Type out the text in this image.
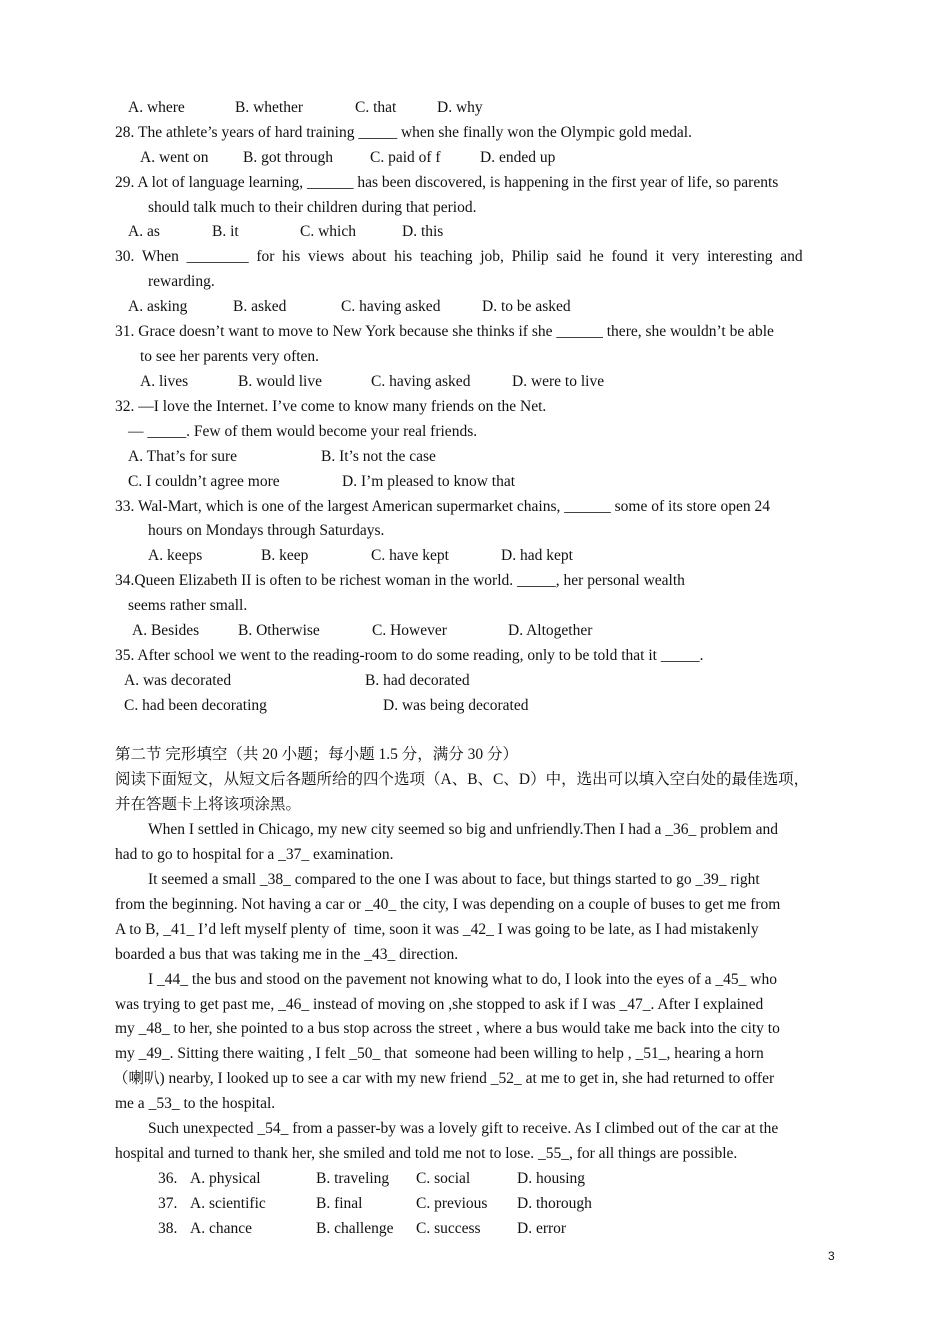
A. where	B. whether	C. that	D. why
28. The athlete’s years of hard training _____ when she finally won the Olympic gold medal.
A. went on B. got through C. paid of f	D. ended up
29. A lot of language learning, ______ has been discovered, is happening in the first year of life, so parents
should talk much to their children during that period.
A. as	B. it	C. which	D. this
30.  When  ________  for  his  views  about  his  teaching  job,  Philip  said  he  found  it  very  interesting  and
rewarding.
A. asking	B. asked	C. having asked	D. to be asked
31. Grace doesn’t want to move to New York because she thinks if she ______ there, she wouldn’t be able
to see her parents very often.
A. lives	B. would live	C. having asked	D. were to live
32. —I love the Internet. I’ve come to know many friends on the Net.
— _____. Few of them would become your real friends.
A. That’s for sure	B. It’s not the case
C. I couldn’t agree more	D. I’m pleased to know that
33. Wal-Mart, which is one of the largest American supermarket chains, ______ some of its store open 24
hours on Mondays through Saturdays.
A. keeps	B. keep	C. have kept	D. had kept
34.Queen Elizabeth II is often to be richest woman in the world. _____, her personal wealth
seems rather small.
A. Besides	B. Otherwise	C. However	D. Altogether
35. After school we went to the reading-room to do some reading, only to be told that it _____.
A. was decorated	B. had decorated
C. had been decorating	D. was being decorated
第二节 完形填空（共 20 小题；每小题 1.5 分，满分 30 分）
阅读下面短文，从短文后各题所给的四个选项（A、B、C、D）中，选出可以填入空白处的最佳选项，
并在答题卡上将该项涂黑。
When I settled in Chicago, my new city seemed so big and unfriendly.Then I had a _36_ problem and
had to go to hospital for a _37_ examination.
It seemed a small _38_ compared to the one I was about to face, but things started to go _39_ right
from the beginning. Not having a car or _40_ the city, I was depending on a couple of buses to get me from
A to B, _41_ I’d left myself plenty of  time, soon it was _42_ I was going to be late, as I had mistakenly
boarded a bus that was taking me in the _43_ direction.
I _44_ the bus and stood on the pavement not knowing what to do, I look into the eyes of a _45_ who
was trying to get past me, _46_ instead of moving on ,she stopped to ask if I was _47_. After I explained
my _48_ to her, she pointed to a bus stop across the street , where a bus would take me back into the city to
my _49_. Sitting there waiting , I felt _50_ that  someone had been willing to help , _51_, hearing a horn
（喇叭) nearby, I looked up to see a car with my new friend _52_ at me to get in, she had returned to offer
me a _53_ to the hospital.
Such unexpected _54_ from a passer-by was a lovely gift to receive. As I climbed out of the car at the
hospital and turned to thank her, she smiled and told me not to lose. _55_, for all things are possible.
36. A. physical	B. traveling C. social	D. housing
37. A. scientific	B. final	C. previous D. thorough
38. A. chance	B. challenge C. success D. error
3
